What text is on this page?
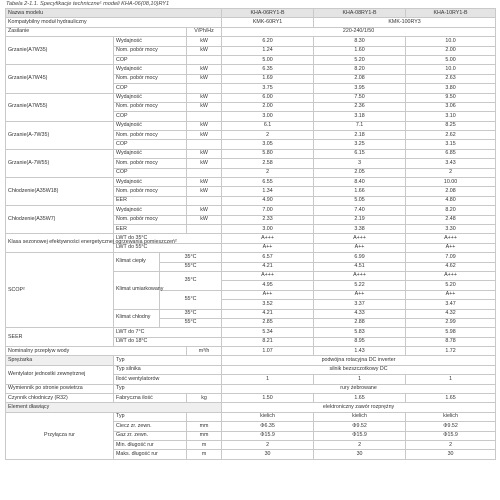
Tabela 2-1.1. Specyfikacje techniczne¹ modeli KHA-06(08,10)RY1
Nazwa modelu				KHA-06RY1-B	KHA-08RY1-B	KHA-10RY1-B
Kompatybilny moduł hydrauliczny				KMK-60RY1	KMK-100RY3	
Zasilanie			V/Ph/Hz	220-240/1/50		
Grzanie(A7W35)	Wydajność		kW	6.20	8.30	10.0
	Nom. pobór mocy		kW	1.24	1.60	2.00
	COP			5.00	5.20	5.00
Grzanie(A7W45)	Wydajność		kW	6.35	8.20	10.0
	Nom. pobór mocy		kW	1.69	2.08	2.63
	COP			3.75	3.95	3.80
Grzanie(A7W55)	Wydajność		kW	6.00	7.50	9.50
	Nom. pobór mocy		kW	2.00	2.36	3.06
	COP			3.00	3.18	3.10
Grzanie(A-7W35)	Wydajność		kW	6.1	7.1	8.25
	Nom. pobór mocy		kW	2	2.18	2.62
	COP			3.05	3.25	3.15
Grzanie(A-7W55)	Wydajność		kW	5.80	6.15	6.85
	Nom. pobór mocy		kW	2.58	3	3.43
	COP			2	2.05	2
Chłodzenie(A35W18)	Wydajność		kW	6.55	8.40	10.00
	Nom. pobór mocy		kW	1.34	1.66	2.08
	EER			4.90	5.05	4.80
Chłodzenie(A35W7)	Wydajność		kW	7.00	7.40	8.20
	Nom. pobór mocy		kW	2.33	2.19	2.48
	EER			3.00	3.38	3.30
Klasa sezonowej efektywności energetycznej ogrzewania pomieszczeń²	LWT do 35°C			A+++	A+++	A+++
	LWT do 55°C			A++	A++	A++
SCOP²	Klimat ciepły	35°C		6.57	6.99	7.09
		55°C		4.21	4.51	4.62
	Klimat umiarkowany	35°C		A+++	A+++	A+++
				4.95	5.22	5.20
		55°C		A++	A++	A++
				3.52	3.37	3.47
	Klimat chłodny	35°C		4.21	4.33	4.32
		55°C		2.85	2.88	2.99
SEER	LWT do 7°C			5.34	5.83	5.98
	LWT do 18°C			8.21	8.95	8.78
Nominalny przepływ wody			m³/h	1.07	1.43	1.72
Sprężarka	Typ			podwójna rotacyjna DC inverter		
Wentylator jednostki zewnętrznej	Typ silnika			silnik bezszczotkowy DC		
	Ilość wentylatorów			1	1	1
Wymiennik po stronie powietrza	Typ			rury żebrowane		
Czynnik chłodniczy (R32)	Fabryczna ilość		kg	1.50	1.65	1.65
Element dławiący				elektroniczny zawór rozprężny		
Przyłącza rur	Typ			kielich	kielich	kielich
	Ciecz zr. zewn.		mm	Φ6.35	Φ9.52	Φ9.52
	Gaz zr. zewn.		mm	Φ15.9	Φ15.9	Φ15.9
	Min. długość rur		m	2	2	2
	Maks. długość rur		m	30	30	30
